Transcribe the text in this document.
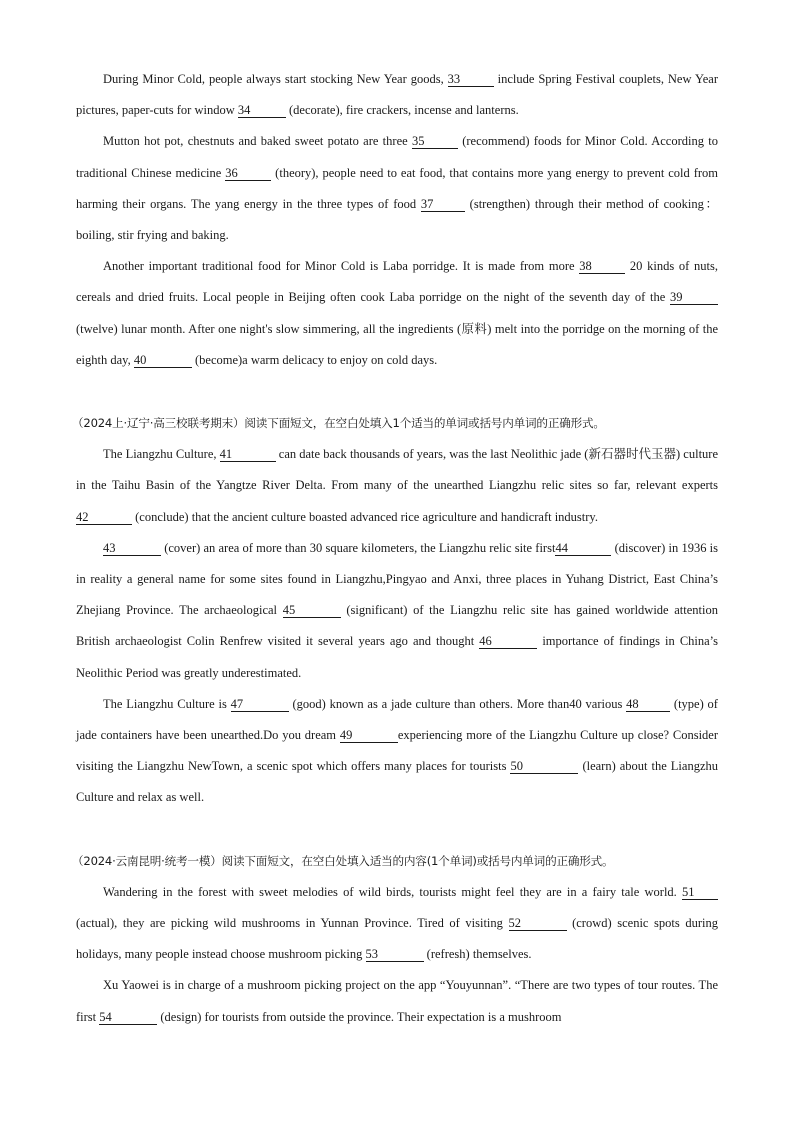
During Minor Cold, people always start stocking New Year goods, 33	include Spring Festival couplets, New Year pictures, paper-cuts for window 34	(decorate), fire crackers, incense and lanterns.

Mutton hot pot, chestnuts and baked sweet potato are three 35	(recommend) foods for Minor Cold. According to traditional Chinese medicine 36	(theory), people need to eat food, that contains more yang energy to prevent cold from harming their organs. The yang energy in the three types of food 37	(strengthen) through their method of cooking：boiling, stir frying and baking.

Another important traditional food for Minor Cold is Laba porridge. It is made from more 38	20 kinds of nuts, cereals and dried fruits. Local people in Beijing often cook Laba porridge on the night of the seventh day of the 39 (twelve) lunar month. After one night's slow simmering, all the ingredients (原料) melt into the porridge on the morning of the eighth day, 40	(become)a warm delicacy to enjoy on cold days.

（2024上·辽宁·高三校联考期末）阅读下面短文，在空白处填入1个适当的单词或括号内单词的正确形式。

The Liangzhu Culture, 41	can date back thousands of years, was the last Neolithic jade (新石器时代玉器) culture in the Taihu Basin of the Yangtze River Delta. From many of the unearthed Liangzhu relic sites so far, relevant experts 42	(conclude) that the ancient culture boasted advanced rice agriculture and handicraft industry.

43	(cover) an area of more than 30 square kilometers, the Liangzhu relic site first44	(discover) in 1936 is in reality a general name for some sites found in Liangzhu,Pingyao and Anxi, three places in Yuhang District, East China’s Zhejiang Province. The archaeological 45	(significant) of the Liangzhu relic site has gained worldwide attention British archaeologist Colin Renfrew visited it several years ago and thought 46	importance of findings in China’s Neolithic Period was greatly underestimated.

The Liangzhu Culture is 47	(good) known as a jade culture than others. More than40 various 48	(type) of jade containers have been unearthed.Do you dream 49	experiencing more of the Liangzhu Culture up close? Consider visiting the Liangzhu NewTown, a scenic spot which offers many places for tourists 50	(learn) about the Liangzhu Culture and relax as well.

（2024·云南昆明·统考一模）阅读下面短文，在空白处填入适当的内容(1个单词)或括号内单词的正确形式。

Wandering in the forest with sweet melodies of wild birds, tourists might feel they are in a fairy tale world. 51 (actual), they are picking wild mushrooms in Yunnan Province. Tired of visiting 52	(crowd) scenic spots during holidays, many people instead choose mushroom picking 53	(refresh) themselves.

Xu Yaowei is in charge of a mushroom picking project on the app “Youyunnan”. “There are two types of tour routes. The first 54	(design) for tourists from outside the province. Their expectation is a mushroom
